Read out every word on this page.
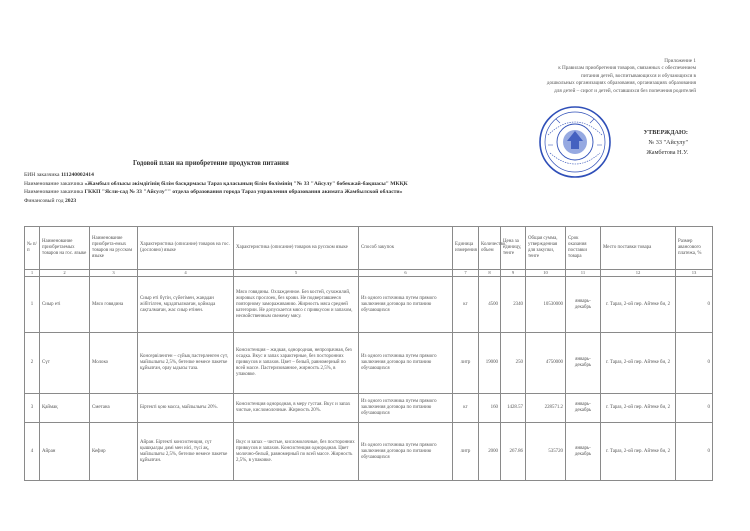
Приложение 1
к Правилам приобретения товаров, связанных с обеспечением
питания детей, воспитывающихся и обучающихся в
дошкольных организациях образования, организациях образования
для детей – сирот и детей, оставшихся без попечения родителей
УТВЕРЖДАЮ:
№ 33 "Айсулу"
Жамбетова Н.У.
Годовой план на приобретение продуктов питания
БИН заказчика 111240002414
Наименование заказчика «Жамбыл облысы әкімдігінің білім басқармасы Тараз қаласының білім бөлімінің "№ 33 "Айсулу" бөбекжай-бақшасы" МКҚК
Наименование заказчика ГККП "Ясли-сад № 33 "Айсулу"" отдела образования города Тараз управления образования акимата Жамбылской области»
Финансовый год 2023
№ п/п	Наименование приобретаемых товаров на гос. языке	Наименование приобрета-емых товаров на русском языке	Характеристика (описание) товаров на гос. (дословно) языке	Характеристика (описание) товаров на русском языке	Способ закупок	Единица измерения	Количество, объем	Цена за единицу, тенге	Общая сумма, утвержденная для закупки, тенге	Срок оказания поставки товара	Место поставки товара	Размер авансового платежа, %
1	2	3	4	5	6	7	8	9	10	11	12	13
1	Сиыр еті	Мясо говядина	Сиыр еті бүтін, сүйегімен, жаңадан жібітілген, мұздатылмаған, қоймада сақталмаған, жас сиыр етінен.	Мясо говядины. Охлажденное. Без костей, сухожилий, жировых прослоек, без крови. Не подвергавшееся повторному замораживанию. Жирность мяса средней категории. Не допускается мясо с привкусом и запахом, несвойственным свежему мясу.	Из одного источника путем прямого заключения договора по питанию обучающихся	кг	4500	2340	10530000	январь-декабрь	г. Тараз, 2-ой пер. Айтеке би, 2	0
2	Сүт	Молоко	Консервіленген – сүйық пастерленген сүт, майлылығы 2,5%, бөтелке немесе пакетке құйылған, орау ыдысы таза.	Консистенция – жидкая, однородная, непрозрачная, без осадка. Вкус и запах характерные, без посторонних привкусов и запахов. Цвет – белый, равномерный по всей массе. Пастеризованное, жирность 2,5%, в упаковке.	Из одного источника путем прямого заключения договора по питанию обучающихся	литр	19000	250	4750000	январь-декабрь	г. Тараз, 2-ой пер. Айтеке би, 2	0
3	Қаймақ	Сметана	Біртекті қою масса, майлылығы 20%.	Консистенция однородная, в меру густая. Вкус и запах чистые, кисломолочные. Жирность 20%.	Из одного источника путем прямого заключения договора по питанию обучающихся	кг	160	1428.57	228571.2	январь-декабрь	г. Тараз, 2-ой пер. Айтеке би, 2	0
4	Айран	Кефир	Айран. Біртекті консистенция, сүт қышқылды дәмі мен иісі, түсі ақ, майлылығы 2,5%, бөтелке немесе пакетке құйылған.	Вкус и запах – чистые, кисломолочные, без посторонних привкусов и запахов. Консистенция однородная. Цвет молочно-белый, равномерный по всей массе. Жирность 2,5%, в упаковке.	Из одного источника путем прямого заключения договора по питанию обучающихся	литр	2000	267.86	535720	январь-декабрь	г. Тараз, 2-ой пер. Айтеке би, 2	0
